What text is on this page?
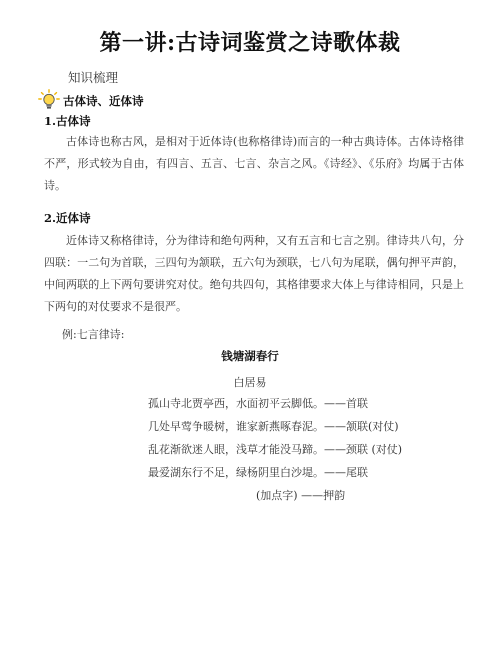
第一讲:古诗词鉴赏之诗歌体裁
知识梳理
古体诗、近体诗
1.古体诗
古体诗也称古风，是相对于近体诗(也称格律诗)而言的一种古典诗体。古体诗格律不严，形式较为自由，有四言、五言、七言、杂言之风。《诗经》、《乐府》均属于古体诗。
2.近体诗
近体诗又称格律诗，分为律诗和绝句两种，又有五言和七言之别。律诗共八句，分四联：一二句为首联，三四句为颔联，五六句为颈联，七八句为尾联，偶句押平声韵，中间两联的上下两句要讲究对仗。绝句共四句，其格律要求大体上与律诗相同，只是上下两句的对仗要求不是很严。
例:七言律诗:
钱塘湖春行
白居易
孤山寺北贾亭西，水面初平云脚低。——首联
几处早莺争暖树，谁家新燕啄春泥。——颔联(对仗)
乱花渐欲迷人眼，浅草才能没马蹄。——颈联 (对仗)
最爱湖东行不足，绿杨阴里白沙堤。——尾联
(加点字) ——押韵
